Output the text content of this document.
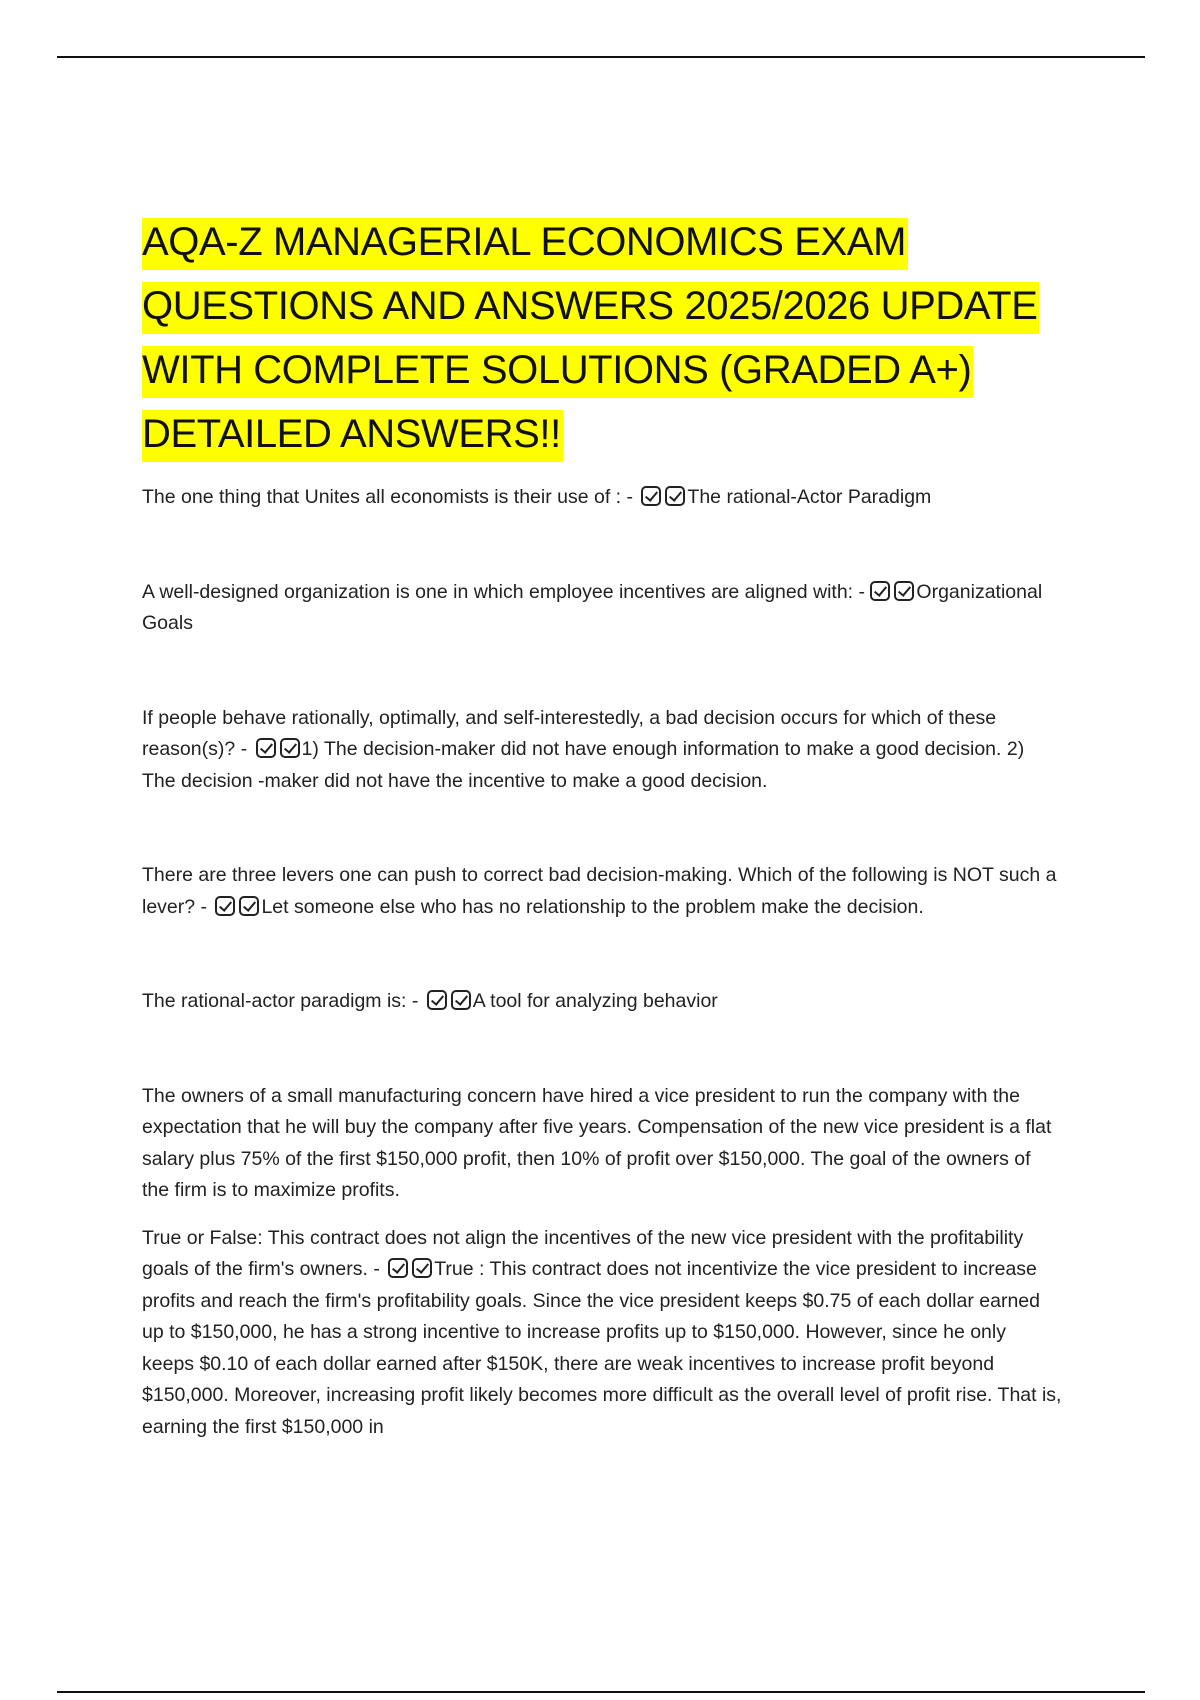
AQA-Z MANAGERIAL ECONOMICS EXAM QUESTIONS AND ANSWERS 2025/2026 UPDATE WITH COMPLETE SOLUTIONS (GRADED A+) DETAILED ANSWERS!!

The one thing that Unites all economists is their use of : -	The rational-Actor Paradigm

A well-designed organization is one in which employee incentives are aligned with: -	Organizational Goals

If people behave rationally, optimally, and self-interestedly, a bad decision occurs for which of these reason(s)? -	1) The decision-maker did not have enough information to make a good decision. 2) The decision -maker did not have the incentive to make a good decision.

There are three levers one can push to correct bad decision-making. Which of the following is NOT such a lever? -	Let someone else who has no relationship to the problem make the decision.

The rational-actor paradigm is: -	A tool for analyzing behavior

The owners of a small manufacturing concern have hired a vice president to run the company with the expectation that he will buy the company after five years. Compensation of the new vice president is a flat salary plus 75% of the first $150,000 profit, then 10% of profit over $150,000. The goal of the owners of the firm is to maximize profits.

True or False: This contract does not align the incentives of the new vice president with the profitability goals of the firm's owners. -	True : This contract does not incentivize the vice president to increase profits and reach the firm's profitability goals. Since the vice president keeps $0.75 of each dollar earned up to $150,000, he has a strong incentive to increase profits up to $150,000. However, since he only keeps $0.10 of each dollar earned after $150K, there are weak incentives to increase profit beyond $150,000. Moreover, increasing profit likely becomes more difficult as the overall level of profit rise. That is, earning the first $150,000 in
